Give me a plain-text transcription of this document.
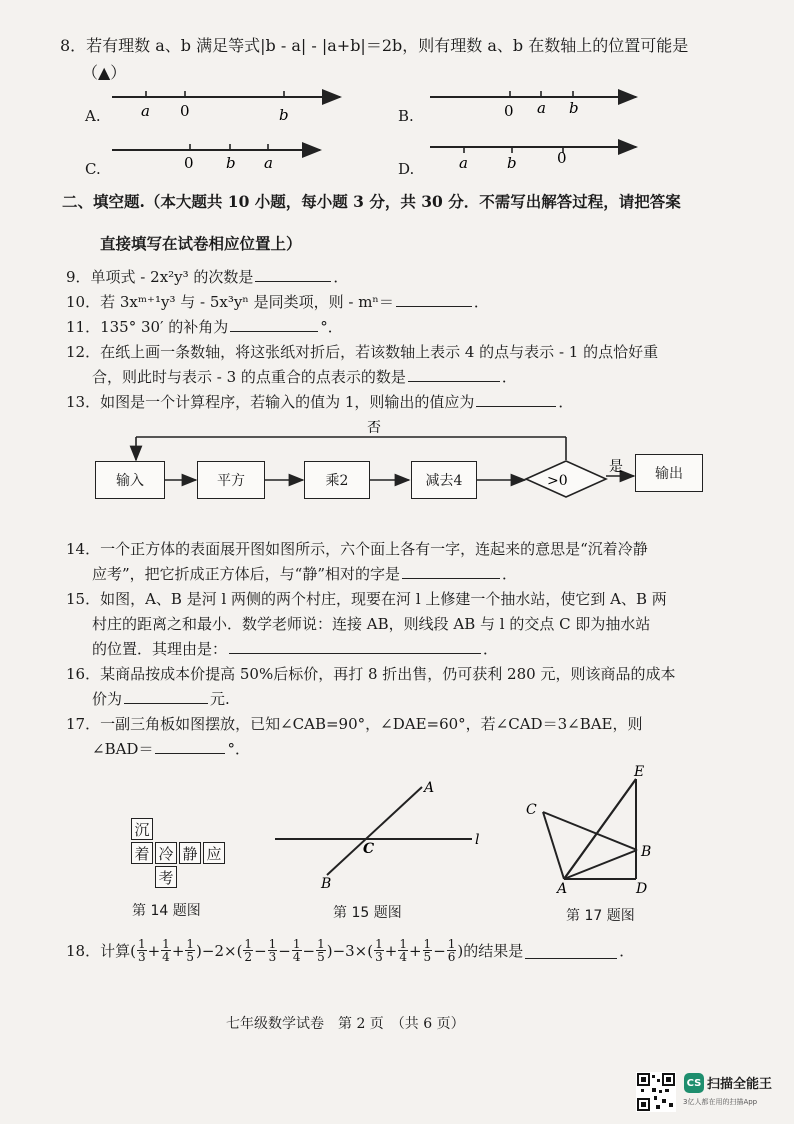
8．若有理数 a、b 满足等式|b - a| - |a+b|＝2b，则有理数 a、b 在数轴上的位置可能是
（▲）
A.	B.
C.	D.
a 0	b	0 a b
0 b a	a	b	0
二、填空题.（本大题共 10 小题，每小题 3 分，共 30 分．不需写出解答过程，请把答案
直接填写在试卷相应位置上）
9．单项式 - 2x²y³ 的次数是	．
10．若 3xᵐ⁺¹y³ 与 - 5x³yⁿ 是同类项，则 - mⁿ＝	．
11．135° 30′ 的补角为	°．
12．在纸上画一条数轴，将这张纸对折后，若该数轴上表示 4 的点与表示 - 1 的点恰好重
合，则此时与表示 - 3 的点重合的点表示的数是	．
13．如图是一个计算程序，若输入的值为 1，则输出的值应为	．
>0
否
是
输入	平方	乘2	减去4	输出
14．一个正方体的表面展开图如图所示，六个面上各有一字，连起来的意思是“沉着冷静
应考”，把它折成正方体后，与“静”相对的字是	．
15．如图，A、B 是河 l 两侧的两个村庄，现要在河 l 上修建一个抽水站，使它到 A、B 两
村庄的距离之和最小．数学老师说：连接 AB，则线段 AB 与 l 的交点 C 即为抽水站
的位置．其理由是：	．
16．某商品按成本价提高 50%后标价，再打 8 折出售，仍可获利 280 元，则该商品的成本
价为	元.
17．一副三角板如图摆放，已知∠CAB=90°，∠DAE=60°，若∠CAD＝3∠BAE，则
∠BAD＝	°．
沉
着 冷 静 应
考
第 14 题图
A
B
C
l
E
C
B
A	D
第 15 题图	第 17 题图
18．计算( $\frac{1}{3} + \frac{1}{4} + \frac{1}{5} )-2\times( \frac{1}{2} - \frac{1}{3} - \frac{1}{4} - \frac{1}{5} )-3\times( \frac{1}{3} + \frac{1}{4} + \frac{1}{5} - \frac{1}{6}$ ) 的结果是	．
七年级数学试卷　第 2 页　（共 6 页）
CS 扫描全能王
3亿人都在用的扫描App
